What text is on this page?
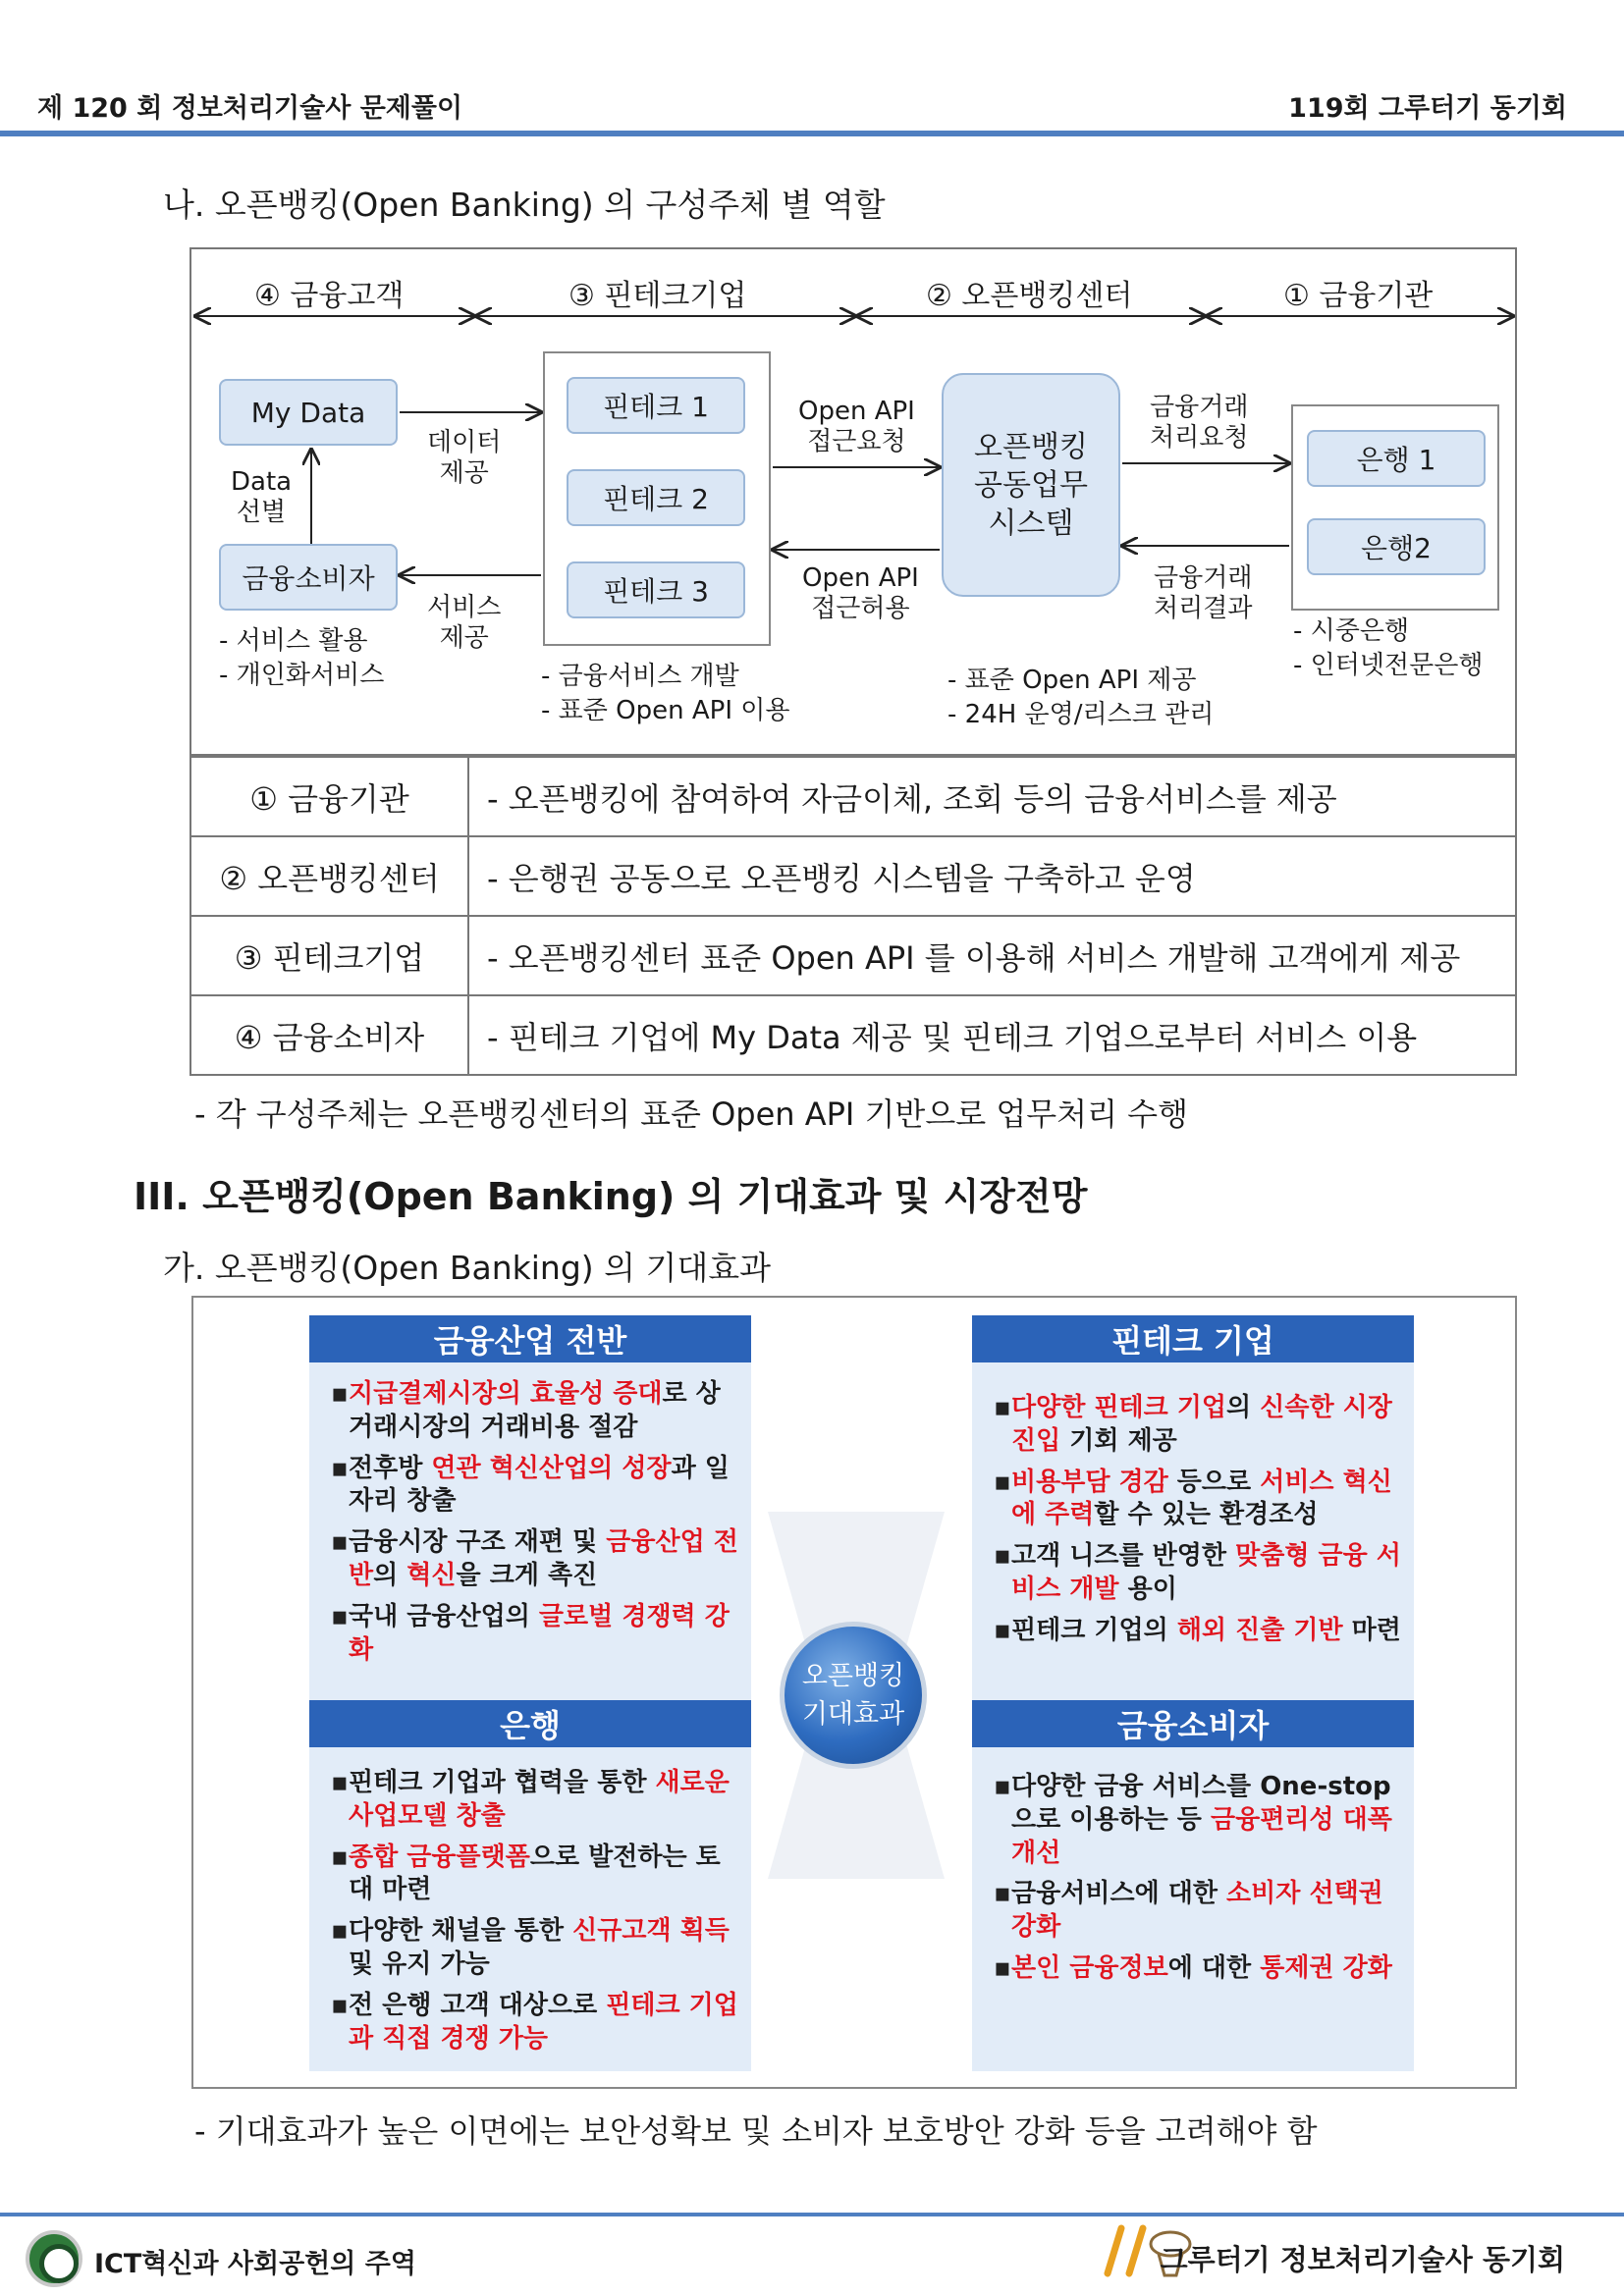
제 120 회 정보처리기술사 문제풀이	119회 그루터기 동기회
나. 오픈뱅킹(Open Banking) 의 구성주체 별 역할
④ 금융고객	③ 핀테크기업	② 오픈뱅킹센터	① 금융기관
My Data
금융소비자
핀테크 1
핀테크 2
핀테크 3
오픈뱅킹
공동업무
시스템
은행 1
은행2
Data
선별
데이터
제공
서비스
제공
Open API
접근요청
Open API
접근허용
금융거래
처리요청
금융거래
처리결과
- 서비스 활용
- 개인화서비스	- 금융서비스 개발
- 표준 Open API 이용
- 표준 Open API 제공
- 24H 운영/리스크 관리
- 시중은행
- 인터넷전문은행
① 금융기관	- 오픈뱅킹에 참여하여 자금이체, 조회 등의 금융서비스를 제공
② 오픈뱅킹센터	- 은행권 공동으로 오픈뱅킹 시스템을 구축하고 운영
③ 핀테크기업	- 오픈뱅킹센터 표준 Open API 를 이용해 서비스 개발해 고객에게 제공
④ 금융소비자	- 핀테크 기업에 My Data 제공 및 핀테크 기업으로부터 서비스 이용
- 각 구성주체는 오픈뱅킹센터의 표준 Open API 기반으로 업무처리 수행
III. 오픈뱅킹(Open Banking) 의 기대효과 및 시장전망
가. 오픈뱅킹(Open Banking) 의 기대효과
금융산업 전반
▪ 지급결제시장의 효율성 증대로 상거래시장의 거래비용 절감
▪ 전후방 연관 혁신산업의 성장과 일자리 창출
▪ 금융시장 구조 재편 및 금융산업 전반의 혁신을 크게 촉진
▪ 국내 금융산업의 글로벌 경쟁력 강화
핀테크 기업
▪ 다양한 핀테크 기업의 신속한 시장 진입 기회 제공
▪ 비용부담 경감 등으로 서비스 혁신에 주력할 수 있는 환경조성
▪ 고객 니즈를 반영한 맞춤형 금융 서비스 개발 용이
▪ 핀테크 기업의 해외 진출 기반 마련
은행
▪ 핀테크 기업과 협력을 통한 새로운 사업모델 창출
▪ 종합 금융플랫폼으로 발전하는 토대 마련
▪ 다양한 채널을 통한 신규고객 획득 및 유지 가능
▪ 전 은행 고객 대상으로 핀테크 기업과 직접 경쟁 가능
금융소비자
▪ 다양한 금융 서비스를 One-stop으로 이용하는 등 금융편리성 대폭 개선
▪ 금융서비스에 대한 소비자 선택권 강화
▪ 본인 금융정보에 대한 통제권 강화
오픈뱅킹
기대효과
- 기대효과가 높은 이면에는 보안성확보 및 소비자 보호방안 강화 등을 고려해야 함
ICT혁신과 사회공헌의 주역	그루터기 정보처리기술사 동기회
